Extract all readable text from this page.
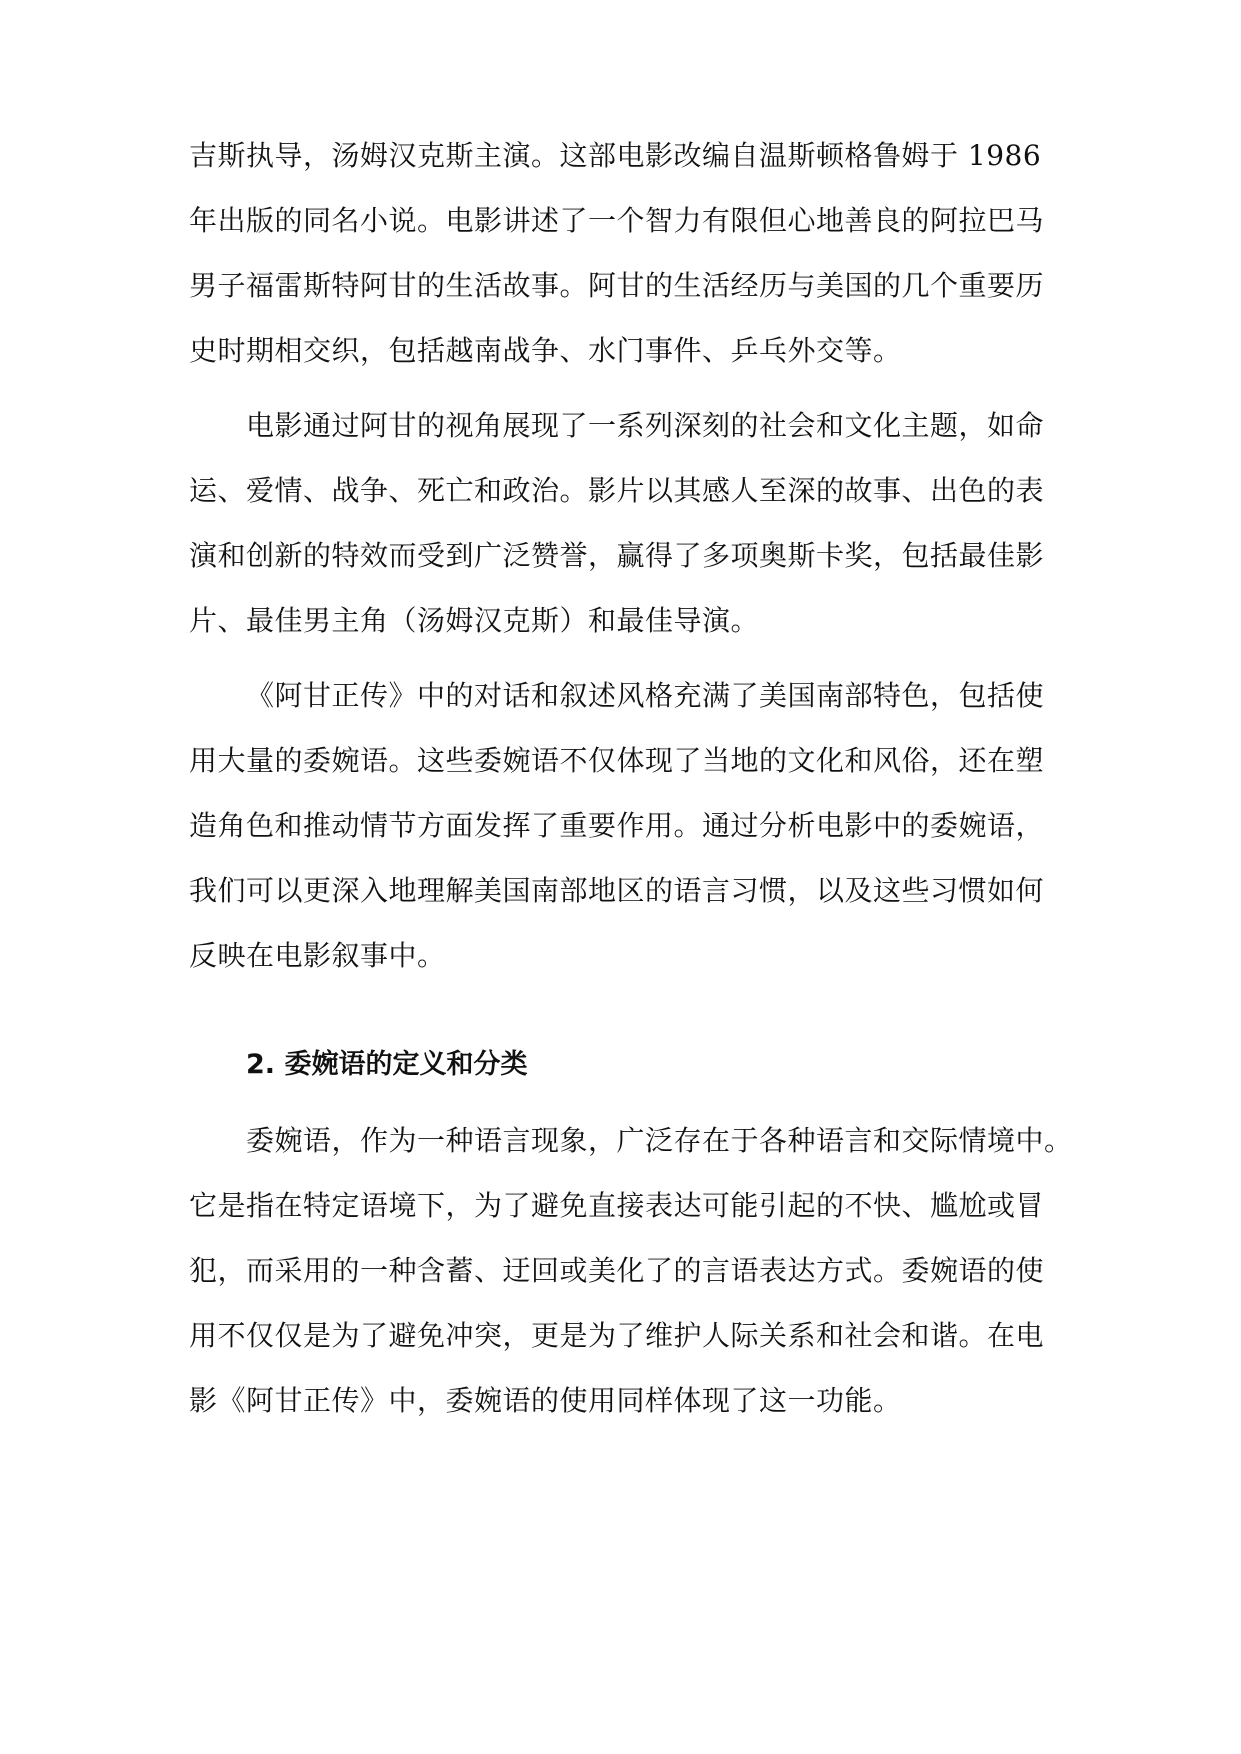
吉斯执导，汤姆汉克斯主演。这部电影改编自温斯顿格鲁姆于 1986
年出版的同名小说。电影讲述了一个智力有限但心地善良的阿拉巴马
男子福雷斯特阿甘的生活故事。阿甘的生活经历与美国的几个重要历
史时期相交织，包括越南战争、水门事件、乒乓外交等。
电影通过阿甘的视角展现了一系列深刻的社会和文化主题，如命
运、爱情、战争、死亡和政治。影片以其感人至深的故事、出色的表
演和创新的特效而受到广泛赞誉，赢得了多项奥斯卡奖，包括最佳影
片、最佳男主角（汤姆汉克斯）和最佳导演。
《阿甘正传》中的对话和叙述风格充满了美国南部特色，包括使
用大量的委婉语。这些委婉语不仅体现了当地的文化和风俗，还在塑
造角色和推动情节方面发挥了重要作用。通过分析电影中的委婉语，
我们可以更深入地理解美国南部地区的语言习惯，以及这些习惯如何
反映在电影叙事中。
2. 委婉语的定义和分类
委婉语，作为一种语言现象，广泛存在于各种语言和交际情境中。
它是指在特定语境下，为了避免直接表达可能引起的不快、尴尬或冒
犯，而采用的一种含蓄、迂回或美化了的言语表达方式。委婉语的使
用不仅仅是为了避免冲突，更是为了维护人际关系和社会和谐。在电
影《阿甘正传》中，委婉语的使用同样体现了这一功能。
